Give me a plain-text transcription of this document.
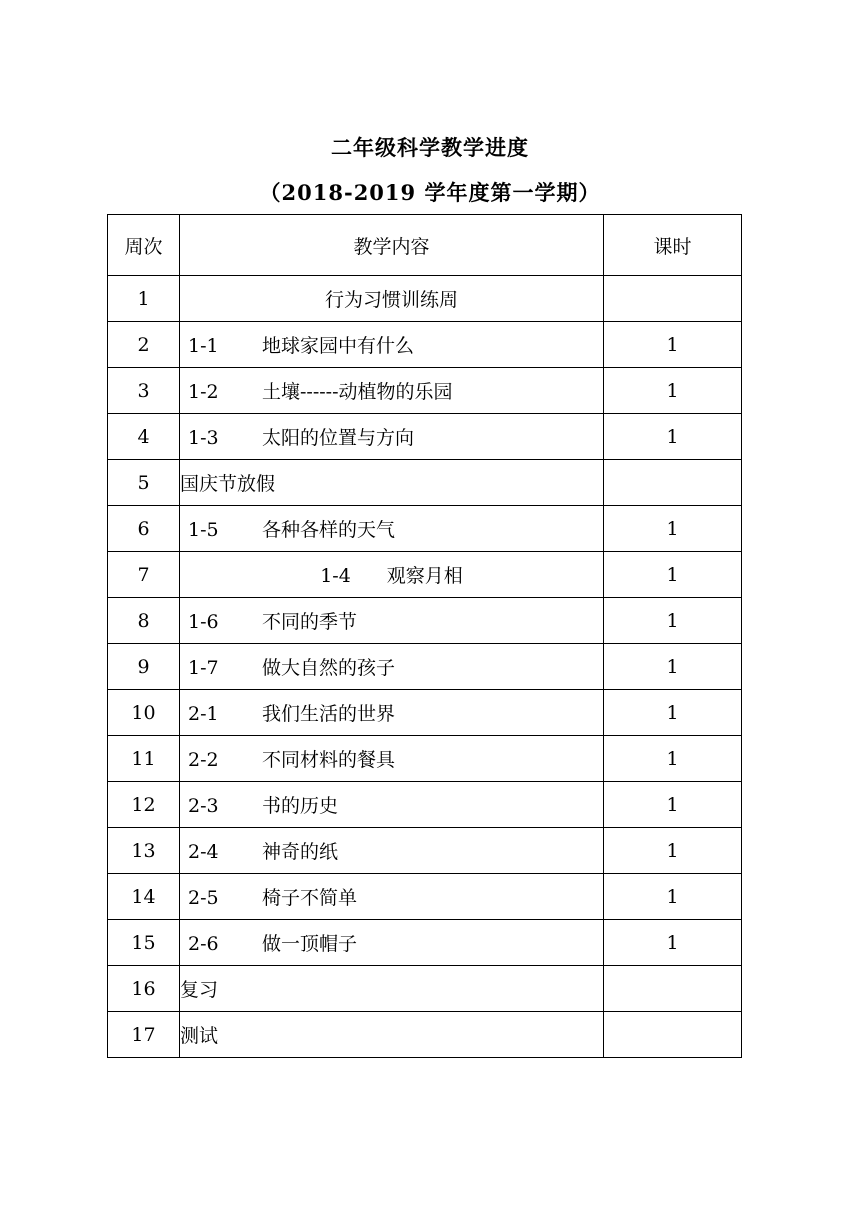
二年级科学教学进度
（2018-2019 学年度第一学期）
周次	教学内容	课时
1	行为习惯训练周	
2	1-1 地球家园中有什么	1
3	1-2 土壤------动植物的乐园	1
4	1-3 太阳的位置与方向	1
5	国庆节放假	
6	1-5 各种各样的天气	1
7	1-4 观察月相	1
8	1-6 不同的季节	1
9	1-7 做大自然的孩子	1
10	2-1 我们生活的世界	1
11	2-2 不同材料的餐具	1
12	2-3 书的历史	1
13	2-4 神奇的纸	1
14	2-5 椅子不简单	1
15	2-6 做一顶帽子	1
16	复习	
17	测试	
